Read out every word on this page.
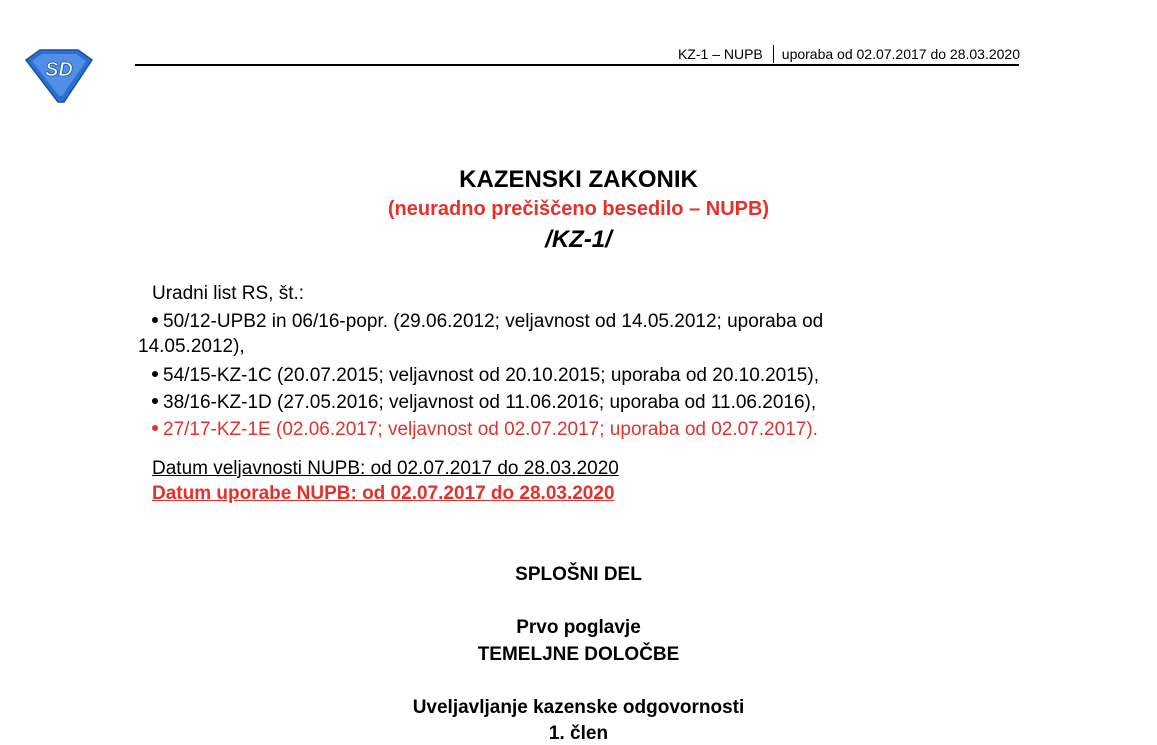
SD
KZ-1 – NUPB uporaba od 02.07.2017 do 28.03.2020
KAZENSKI ZAKONIK
(neuradno prečiščeno besedilo – NUPB)
/KZ-1/
Uradni list RS, št.:
50/12-UPB2 in 06/16-popr. (29.06.2012; veljavnost od 14.05.2012; uporaba od
14.05.2012),
54/15-KZ-1C (20.07.2015; veljavnost od 20.10.2015; uporaba od 20.10.2015),
38/16-KZ-1D (27.05.2016; veljavnost od 11.06.2016; uporaba od 11.06.2016),
27/17-KZ-1E (02.06.2017; veljavnost od 02.07.2017; uporaba od 02.07.2017).
Datum veljavnosti NUPB: od 02.07.2017 do 28.03.2020
Datum uporabe NUPB: od 02.07.2017 do 28.03.2020
SPLOŠNI DEL
Prvo poglavje
TEMELJNE DOLOČBE
Uveljavljanje kazenske odgovornosti
1. člen
